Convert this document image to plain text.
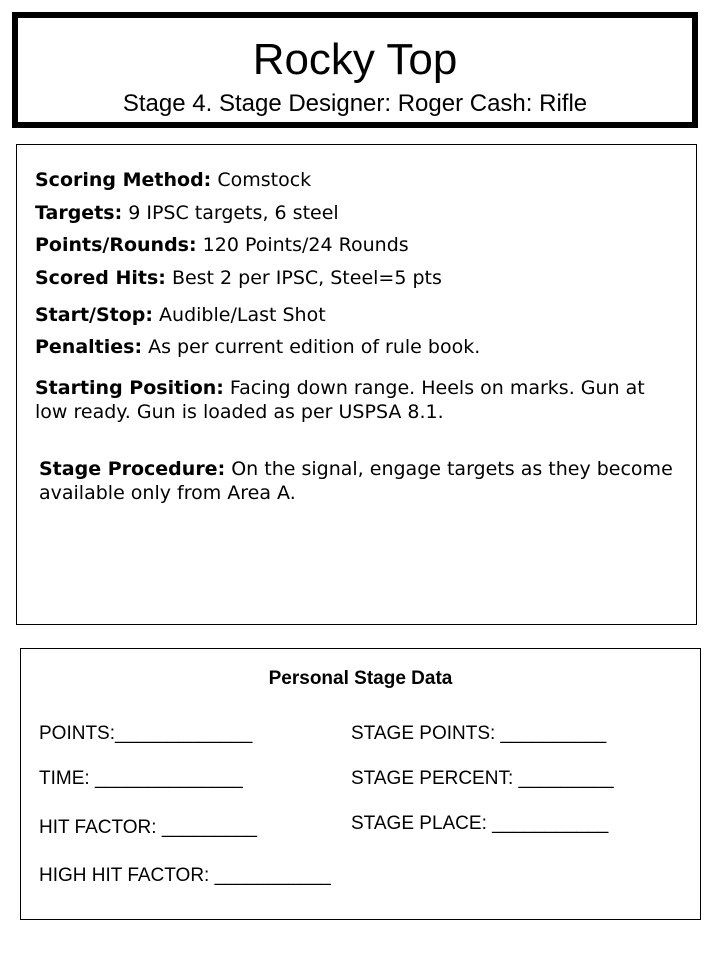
Rocky Top
Stage 4. Stage Designer: Roger Cash: Rifle
Scoring Method: Comstock
Targets: 9 IPSC targets, 6 steel
Points/Rounds: 120 Points/24 Rounds
Scored Hits: Best 2 per IPSC, Steel=5 pts
Start/Stop: Audible/Last Shot
Penalties: As per current edition of rule book.
Starting Position: Facing down range. Heels on marks. Gun at low ready. Gun is loaded as per USPSA 8.1.
Stage Procedure: On the signal, engage targets as they become available only from Area A.
Personal Stage Data
POINTS:_____________
TIME: ______________
HIT FACTOR: _________
HIGH HIT FACTOR: ___________
STAGE POINTS: __________
STAGE PERCENT: _________
STAGE PLACE: ___________
